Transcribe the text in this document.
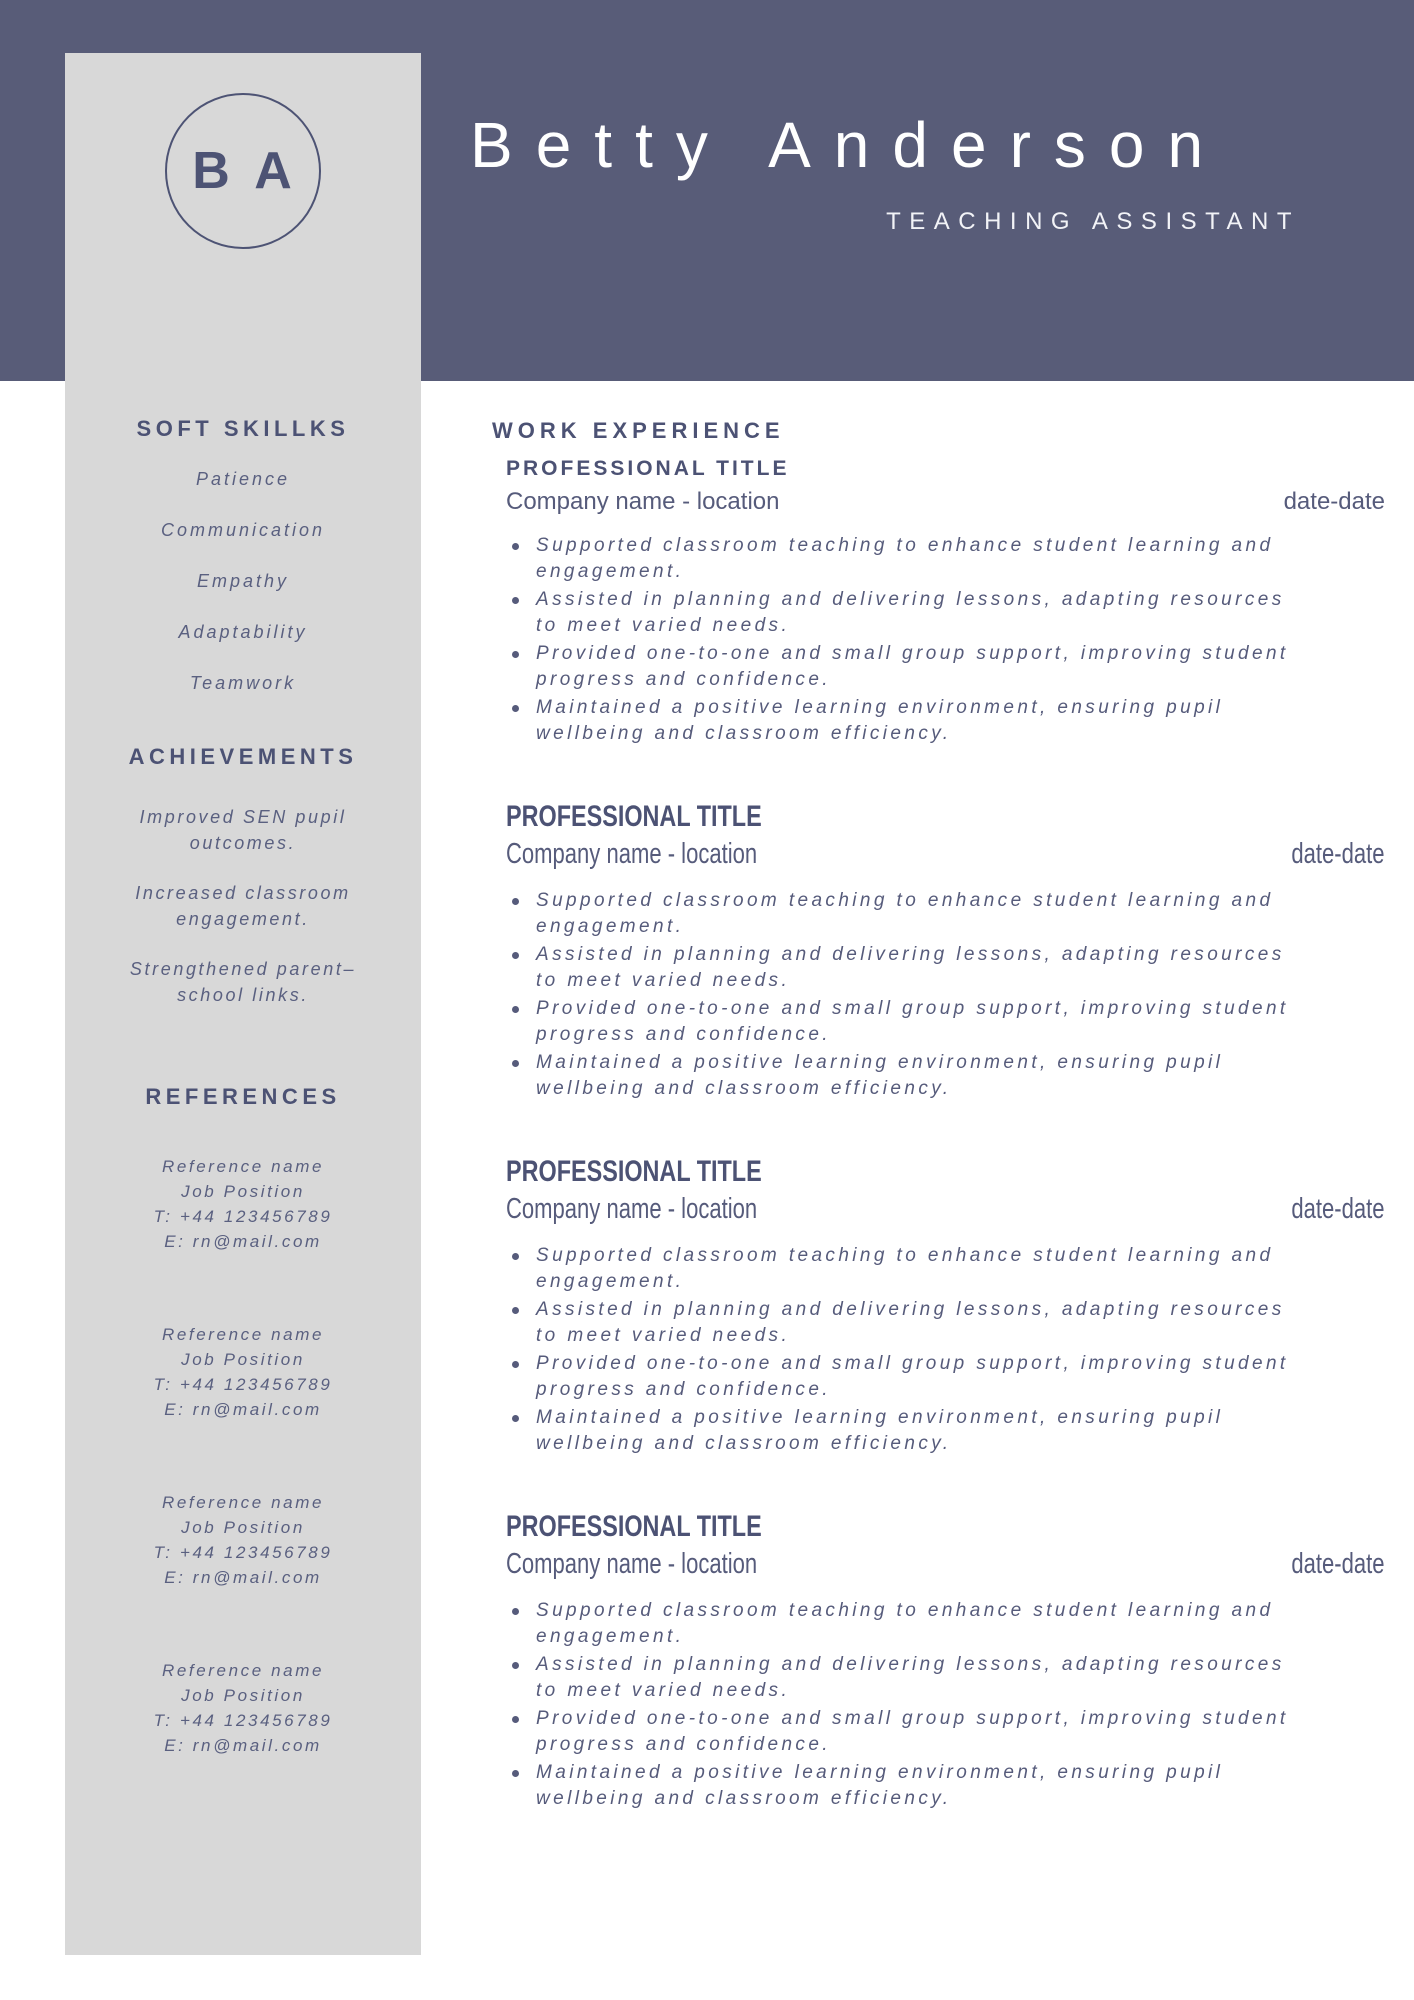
Betty Anderson
TEACHING ASSISTANT
B A
SOFT SKILLKS
Patience
Communication
Empathy
Adaptability
Teamwork
ACHIEVEMENTS
Improved SEN pupil outcomes.
Increased classroom engagement.
Strengthened parent–school links.
REFERENCES
Reference name
Job Position
T: +44 123456789
E: rn@mail.com
Reference name
Job Position
T: +44 123456789
E: rn@mail.com
Reference name
Job Position
T: +44 123456789
E: rn@mail.com
Reference name
Job Position
T: +44 123456789
E: rn@mail.com
WORK EXPERIENCE
PROFESSIONAL TITLE
Company name - location	date-date
Supported classroom teaching to enhance student learning and engagement.
Assisted in planning and delivering lessons, adapting resources to meet varied needs.
Provided one-to-one and small group support, improving student progress and confidence.
Maintained a positive learning environment, ensuring pupil wellbeing and classroom efficiency.
PROFESSIONAL TITLE
Company name - location	date-date
Supported classroom teaching to enhance student learning and engagement.
Assisted in planning and delivering lessons, adapting resources to meet varied needs.
Provided one-to-one and small group support, improving student progress and confidence.
Maintained a positive learning environment, ensuring pupil wellbeing and classroom efficiency.
PROFESSIONAL TITLE
Company name - location	date-date
Supported classroom teaching to enhance student learning and engagement.
Assisted in planning and delivering lessons, adapting resources to meet varied needs.
Provided one-to-one and small group support, improving student progress and confidence.
Maintained a positive learning environment, ensuring pupil wellbeing and classroom efficiency.
PROFESSIONAL TITLE
Company name - location	date-date
Supported classroom teaching to enhance student learning and engagement.
Assisted in planning and delivering lessons, adapting resources to meet varied needs.
Provided one-to-one and small group support, improving student progress and confidence.
Maintained a positive learning environment, ensuring pupil wellbeing and classroom efficiency.
